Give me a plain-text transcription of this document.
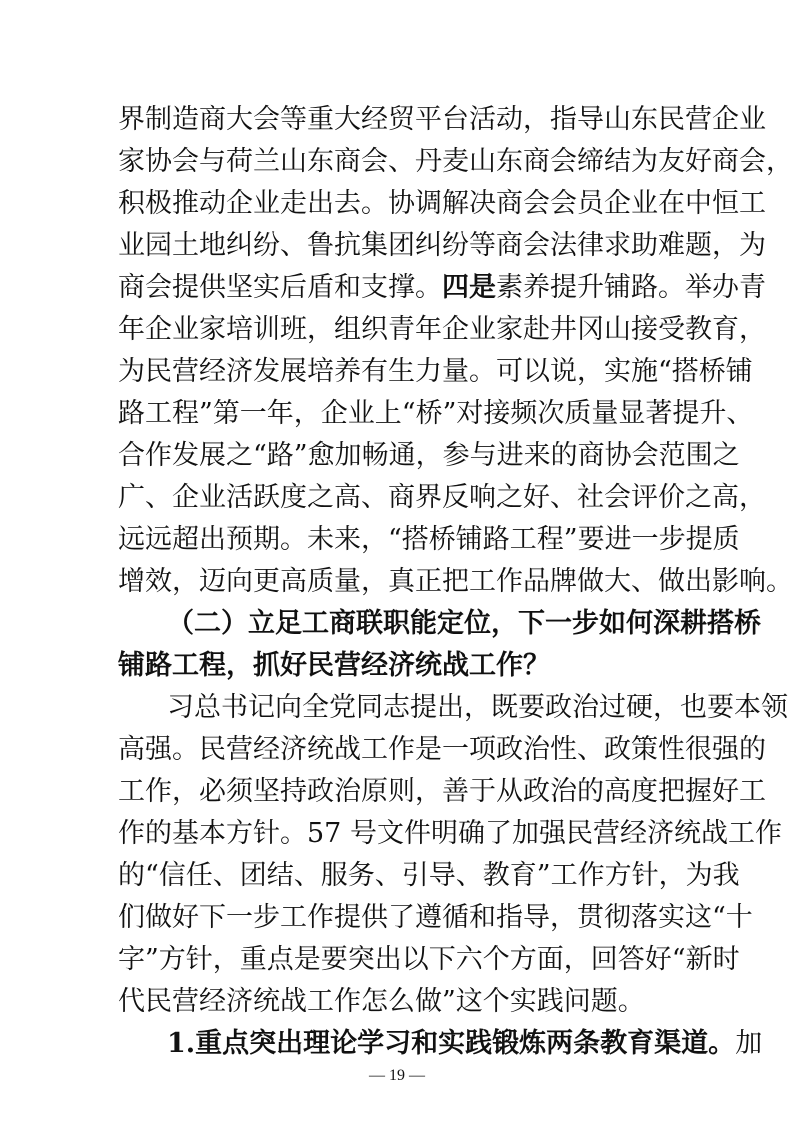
界制造商大会等重大经贸平台活动，指导山东民营企业
家协会与荷兰山东商会、丹麦山东商会缔结为友好商会，
积极推动企业走出去。协调解决商会会员企业在中恒工
业园土地纠纷、鲁抗集团纠纷等商会法律求助难题，为
商会提供坚实后盾和支撑。四是素养提升铺路。举办青
年企业家培训班，组织青年企业家赴井冈山接受教育，
为民营经济发展培养有生力量。可以说，实施“搭桥铺
路工程”第一年，企业上“桥”对接频次质量显著提升、
合作发展之“路”愈加畅通，参与进来的商协会范围之
广、企业活跃度之高、商界反响之好、社会评价之高，
远远超出预期。未来，“搭桥铺路工程”要进一步提质
增效，迈向更高质量，真正把工作品牌做大、做出影响。
（二）立足工商联职能定位，下一步如何深耕搭桥
铺路工程，抓好民营经济统战工作？
习总书记向全党同志提出，既要政治过硬，也要本领
高强。民营经济统战工作是一项政治性、政策性很强的
工作，必须坚持政治原则，善于从政治的高度把握好工
作的基本方针。57 号文件明确了加强民营经济统战工作
的“信任、团结、服务、引导、教育”工作方针，为我
们做好下一步工作提供了遵循和指导，贯彻落实这“十
字”方针，重点是要突出以下六个方面，回答好“新时
代民营经济统战工作怎么做”这个实践问题。
1.重点突出理论学习和实践锻炼两条教育渠道。加
— 19 —
